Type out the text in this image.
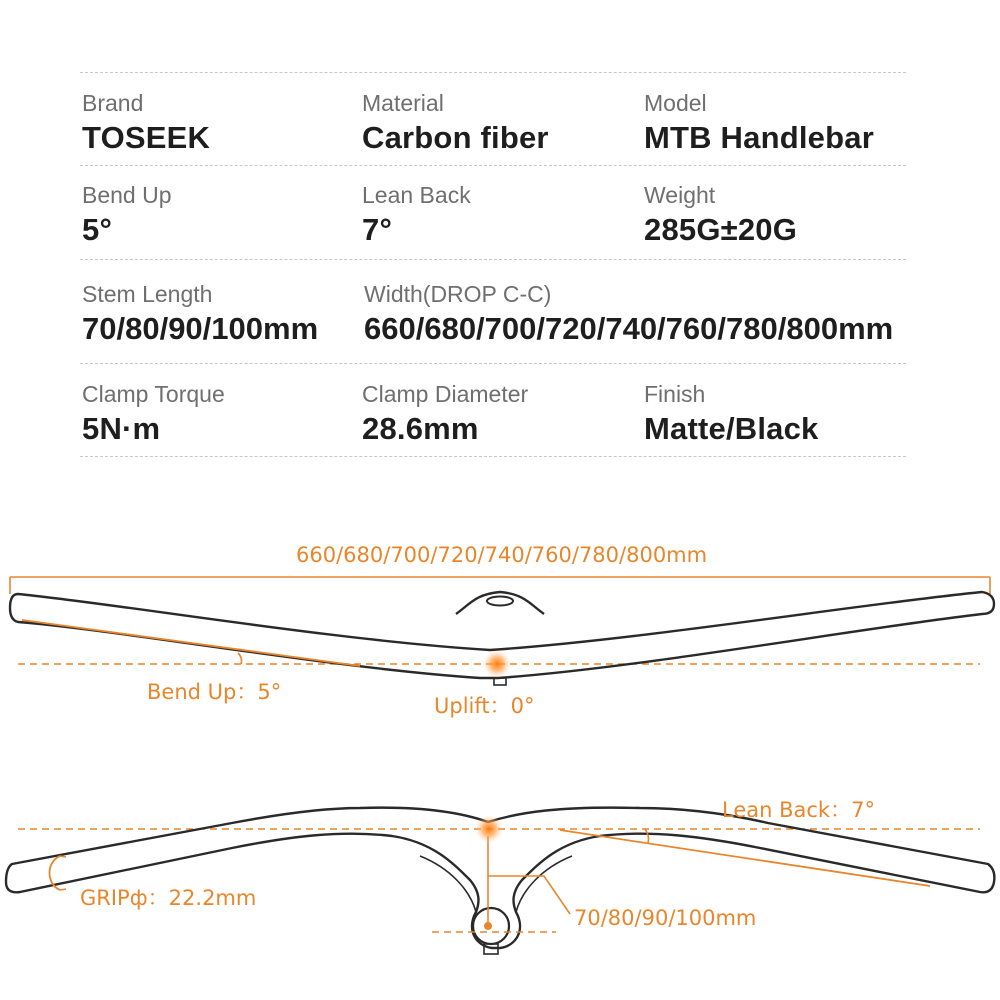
Brand
TOSEEK
Material
Carbon fiber
Model
MTB Handlebar
Bend Up
5°
Lean Back
7°
Weight
285G±20G
Stem Length
70/80/90/100mm
Width(DROP C-C)
660/680/700/720/740/760/780/800mm
Clamp Torque
5N·m
Clamp Diameter
28.6mm
Finish
Matte/Black
660/680/700/720/740/760/780/800mm
Bend Up：5°
Uplift：0°
Lean Back：7°
GRIPф：22.2mm
70/80/90/100mm
